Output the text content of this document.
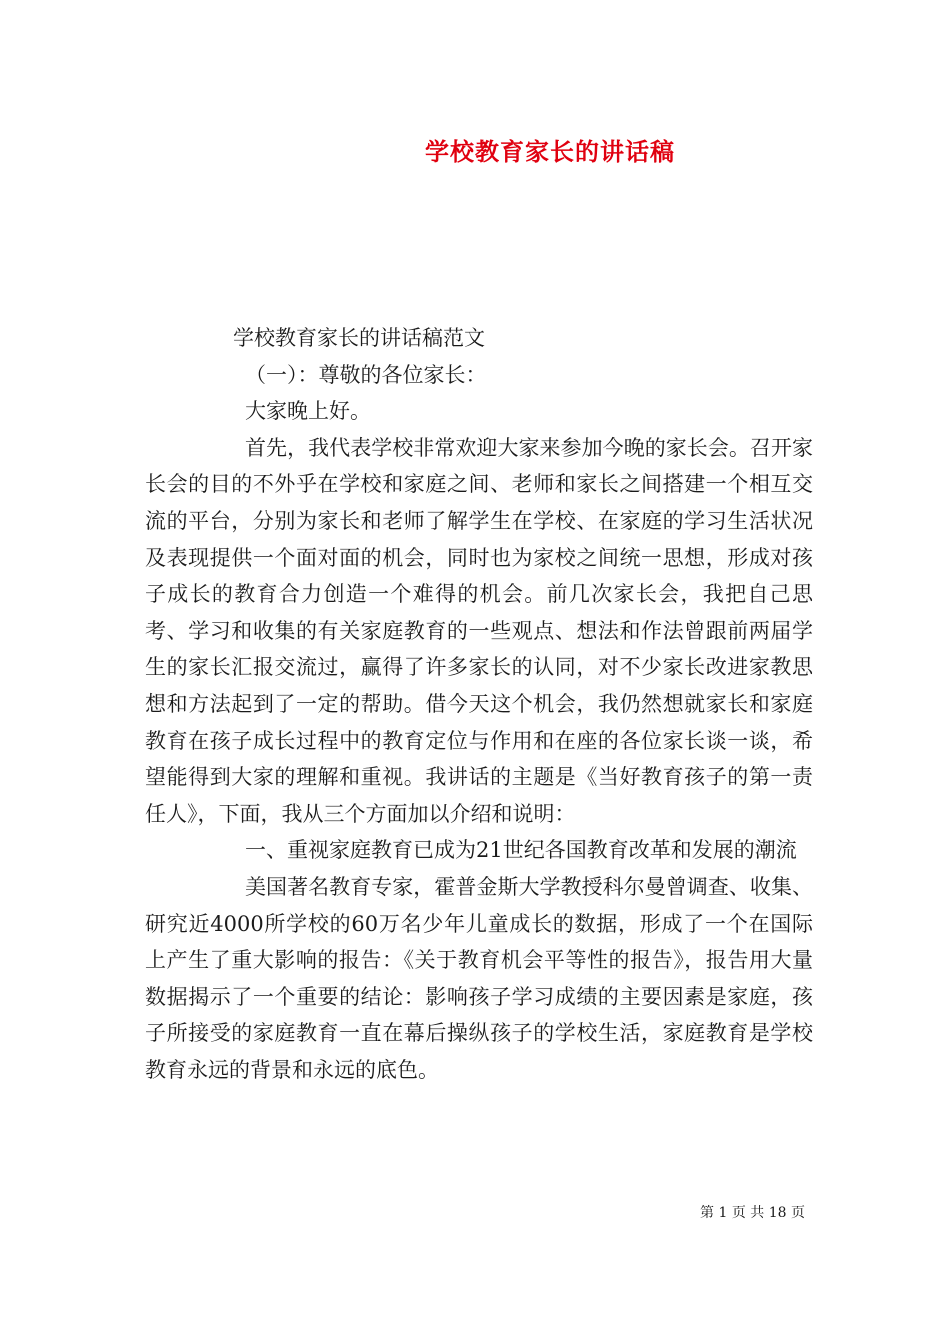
学校教育家长的讲话稿

学校教育家长的讲话稿范文

（一）：尊敬的各位家长：

大家晚上好。

首先，我代表学校非常欢迎大家来参加今晚的家长会。召开家长会的目的不外乎在学校和家庭之间、老师和家长之间搭建一个相互交流的平台，分别为家长和老师了解学生在学校、在家庭的学习生活状况及表现提供一个面对面的机会，同时也为家校之间统一思想，形成对孩子成长的教育合力创造一个难得的机会。前几次家长会，我把自己思考、学习和收集的有关家庭教育的一些观点、想法和作法曾跟前两届学生的家长汇报交流过，赢得了许多家长的认同，对不少家长改进家教思想和方法起到了一定的帮助。借今天这个机会，我仍然想就家长和家庭教育在孩子成长过程中的教育定位与作用和在座的各位家长谈一谈，希望能得到大家的理解和重视。我讲话的主题是《当好教育孩子的第一责任人》，下面，我从三个方面加以介绍和说明：

一、重视家庭教育已成为21世纪各国教育改革和发展的潮流

美国著名教育专家，霍普金斯大学教授科尔曼曾调查、收集、研究近4000所学校的60万名少年儿童成长的数据，形成了一个在国际上产生了重大影响的报告：《关于教育机会平等性的报告》，报告用大量数据揭示了一个重要的结论：影响孩子学习成绩的主要因素是家庭，孩子所接受的家庭教育一直在幕后操纵孩子的学校生活，家庭教育是学校教育永远的背景和永远的底色。

第 1 页 共 18 页
